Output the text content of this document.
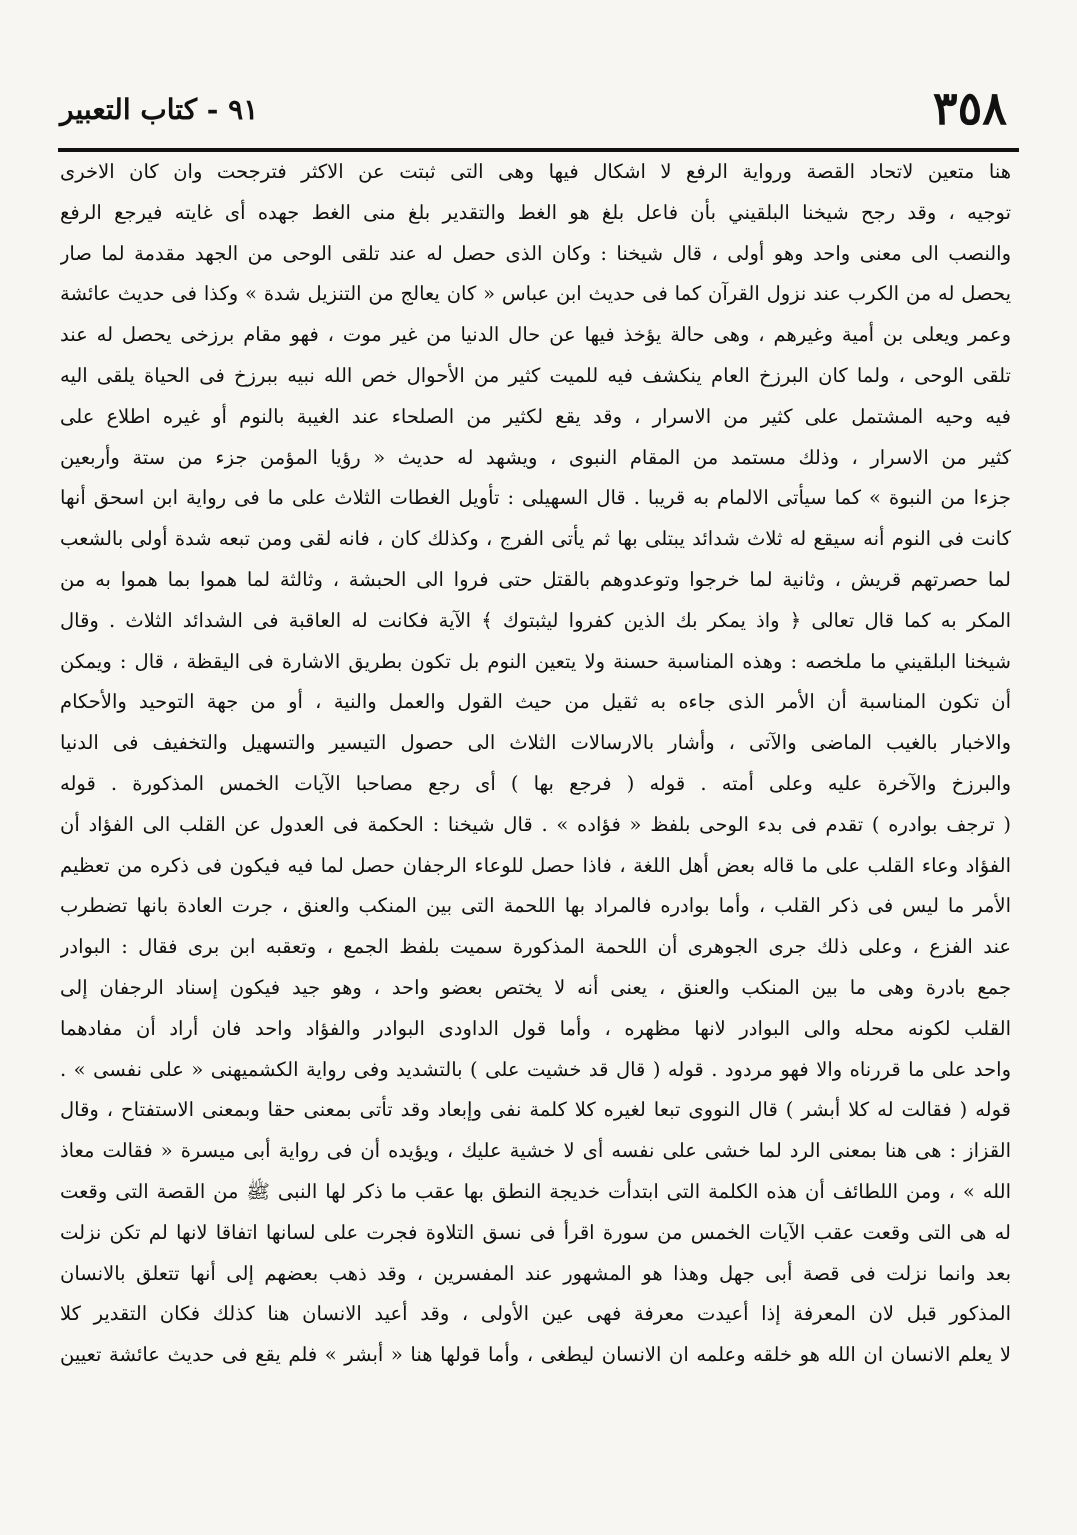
٣٥٨
٩١ - كتاب التعبير
هنا متعين لاتحاد القصة ورواية الرفع لا اشكال فيها وهى التى ثبتت عن الاكثر فترجحت وان كان الاخرى
توجيه ، وقد رجح شيخنا البلقيني بأن فاعل بلغ هو الغط والتقدير بلغ منى الغط جهده أى غايته فيرجع الرفع
والنصب الى معنى واحد وهو أولى ، قال شيخنا : وكان الذى حصل له عند تلقى الوحى من الجهد مقدمة لما صار
يحصل له من الكرب عند نزول القرآن كما فى حديث ابن عباس « كان يعالج من التنزيل شدة » وكذا فى حديث عائشة
وعمر ويعلى بن أمية وغيرهم ، وهى حالة يؤخذ فيها عن حال الدنيا من غير موت ، فهو مقام برزخى يحصل له عند
تلقى الوحى ، ولما كان البرزخ العام ينكشف فيه للميت كثير من الأحوال خص الله نبيه ببرزخ فى الحياة يلقى اليه
فيه وحيه المشتمل على كثير من الاسرار ، وقد يقع لكثير من الصلحاء عند الغيبة بالنوم أو غيره اطلاع على
كثير من الاسرار ، وذلك مستمد من المقام النبوى ، ويشهد له حديث « رؤيا المؤمن جزء من ستة وأربعين
جزءا من النبوة » كما سيأتى الالمام به قريبا . قال السهيلى : تأويل الغطات الثلاث على ما فى رواية ابن اسحق أنها
كانت فى النوم أنه سيقع له ثلاث شدائد يبتلى بها ثم يأتى الفرج ، وكذلك كان ، فانه لقى ومن تبعه شدة أولى بالشعب
لما حصرتهم قريش ، وثانية لما خرجوا وتوعدوهم بالقتل حتى فروا الى الحبشة ، وثالثة لما هموا بما هموا به من
المكر به كما قال تعالى ﴿ واذ يمكر بك الذين كفروا ليثبتوك ﴾ الآية فكانت له العاقبة فى الشدائد الثلاث . وقال
شيخنا البلقيني ما ملخصه : وهذه المناسبة حسنة ولا يتعين النوم بل تكون بطريق الاشارة فى اليقظة ، قال : ويمكن
أن تكون المناسبة أن الأمر الذى جاءه به ثقيل من حيث القول والعمل والنية ، أو من جهة التوحيد والأحكام
والاخبار بالغيب الماضى والآتى ، وأشار بالارسالات الثلاث الى حصول التيسير والتسهيل والتخفيف فى الدنيا
والبرزخ والآخرة عليه وعلى أمته . قوله ( فرجع بها ) أى رجع مصاحبا الآيات الخمس المذكورة . قوله
( ترجف بوادره ) تقدم فى بدء الوحى بلفظ « فؤاده » . قال شيخنا : الحكمة فى العدول عن القلب الى الفؤاد أن
الفؤاد وعاء القلب على ما قاله بعض أهل اللغة ، فاذا حصل للوعاء الرجفان حصل لما فيه فيكون فى ذكره من تعظيم
الأمر ما ليس فى ذكر القلب ، وأما بوادره فالمراد بها اللحمة التى بين المنكب والعنق ، جرت العادة بانها تضطرب
عند الفزع ، وعلى ذلك جرى الجوهرى أن اللحمة المذكورة سميت بلفظ الجمع ، وتعقبه ابن برى فقال : البوادر
جمع بادرة وهى ما بين المنكب والعنق ، يعنى أنه لا يختص بعضو واحد ، وهو جيد فيكون إسناد الرجفان إلى
القلب لكونه محله والى البوادر لانها مظهره ، وأما قول الداودى البوادر والفؤاد واحد فان أراد أن مفادهما
واحد على ما قررناه والا فهو مردود . قوله ( قال قد خشيت على ) بالتشديد وفى رواية الكشميهنى « على نفسى » .
قوله ( فقالت له كلا أبشر ) قال النووى تبعا لغيره كلا كلمة نفى وإبعاد وقد تأتى بمعنى حقا وبمعنى الاستفتاح ، وقال
القزاز : هى هنا بمعنى الرد لما خشى على نفسه أى لا خشية عليك ، ويؤيده أن فى رواية أبى ميسرة « فقالت معاذ
الله » ، ومن اللطائف أن هذه الكلمة التى ابتدأت خديجة النطق بها عقب ما ذكر لها النبى ﷺ من القصة التى وقعت
له هى التى وقعت عقب الآيات الخمس من سورة اقرأ فى نسق التلاوة فجرت على لسانها اتفاقا لانها لم تكن نزلت
بعد وانما نزلت فى قصة أبى جهل وهذا هو المشهور عند المفسرين ، وقد ذهب بعضهم إلى أنها تتعلق بالانسان
المذكور قبل لان المعرفة إذا أعيدت معرفة فهى عين الأولى ، وقد أعيد الانسان هنا كذلك فكان التقدير كلا
لا يعلم الانسان ان الله هو خلقه وعلمه ان الانسان ليطغى ، وأما قولها هنا « أبشر » فلم يقع فى حديث عائشة تعيين
